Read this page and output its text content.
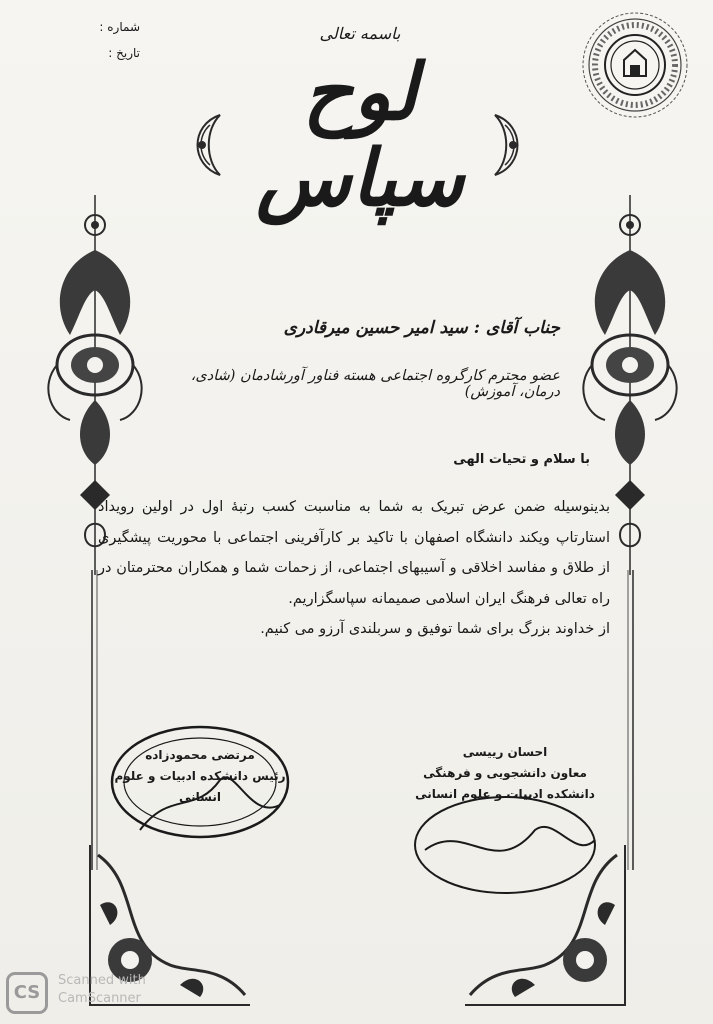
شماره :
تاریخ :
باسمه تعالی
لوح سپاس
جناب آقای : سید امیر حسین میرقادری
عضو محترم کارگروه اجتماعی هسته فناور آورشادمان (شادی، درمان، آموزش)
با سلام و تحیات الهی

بدینوسیله ضمن عرض تبریک به شما به مناسبت کسب رتبهٔ اول در اولین رویداد استارتاپ ویکند دانشگاه اصفهان با تاکید بر کارآفرینی اجتماعی با محوریت پیشگیری از طلاق و مفاسد اخلاقی و آسیبهای اجتماعی، از زحمات شما و همکاران محترمتان در راه تعالی فرهنگ ایران اسلامی صمیمانه سپاسگزاریم.

از خداوند بزرگ برای شما توفیق و سربلندی آرزو می کنیم.

مرتضی محمودزاده
رئیس دانشکده ادبیات و علوم انسانی
احسان رییسی
معاون دانشجویی و فرهنگی
دانشکده ادبیات و علوم انسانی
CS
Scanned with
CamScanner
